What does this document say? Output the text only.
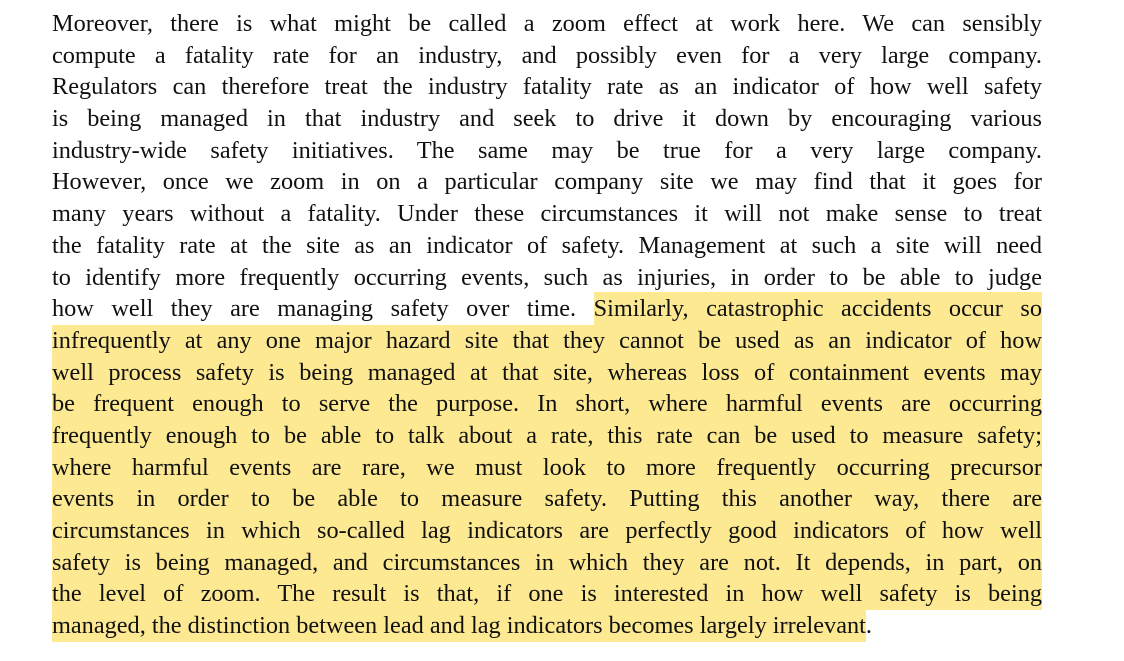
Moreover, there is what might be called a zoom effect at work here. We can sensibly
compute a fatality rate for an industry, and possibly even for a very large company.
Regulators can therefore treat the industry fatality rate as an indicator of how well safety
is being managed in that industry and seek to drive it down by encouraging various
industry-wide safety initiatives. The same may be true for a very large company.
However, once we zoom in on a particular company site we may find that it goes for
many years without a fatality. Under these circumstances it will not make sense to treat
the fatality rate at the site as an indicator of safety. Management at such a site will need
to identify more frequently occurring events, such as injuries, in order to be able to judge
how well they are managing safety over time. Similarly, catastrophic accidents occur so
infrequently at any one major hazard site that they cannot be used as an indicator of how
well process safety is being managed at that site, whereas loss of containment events may
be frequent enough to serve the purpose. In short, where harmful events are occurring
frequently enough to be able to talk about a rate, this rate can be used to measure safety;
where harmful events are rare, we must look to more frequently occurring precursor
events in order to be able to measure safety. Putting this another way, there are
circumstances in which so-called lag indicators are perfectly good indicators of how well
safety is being managed, and circumstances in which they are not. It depends, in part, on
the level of zoom. The result is that, if one is interested in how well safety is being
managed, the distinction between lead and lag indicators becomes largely irrelevant.
